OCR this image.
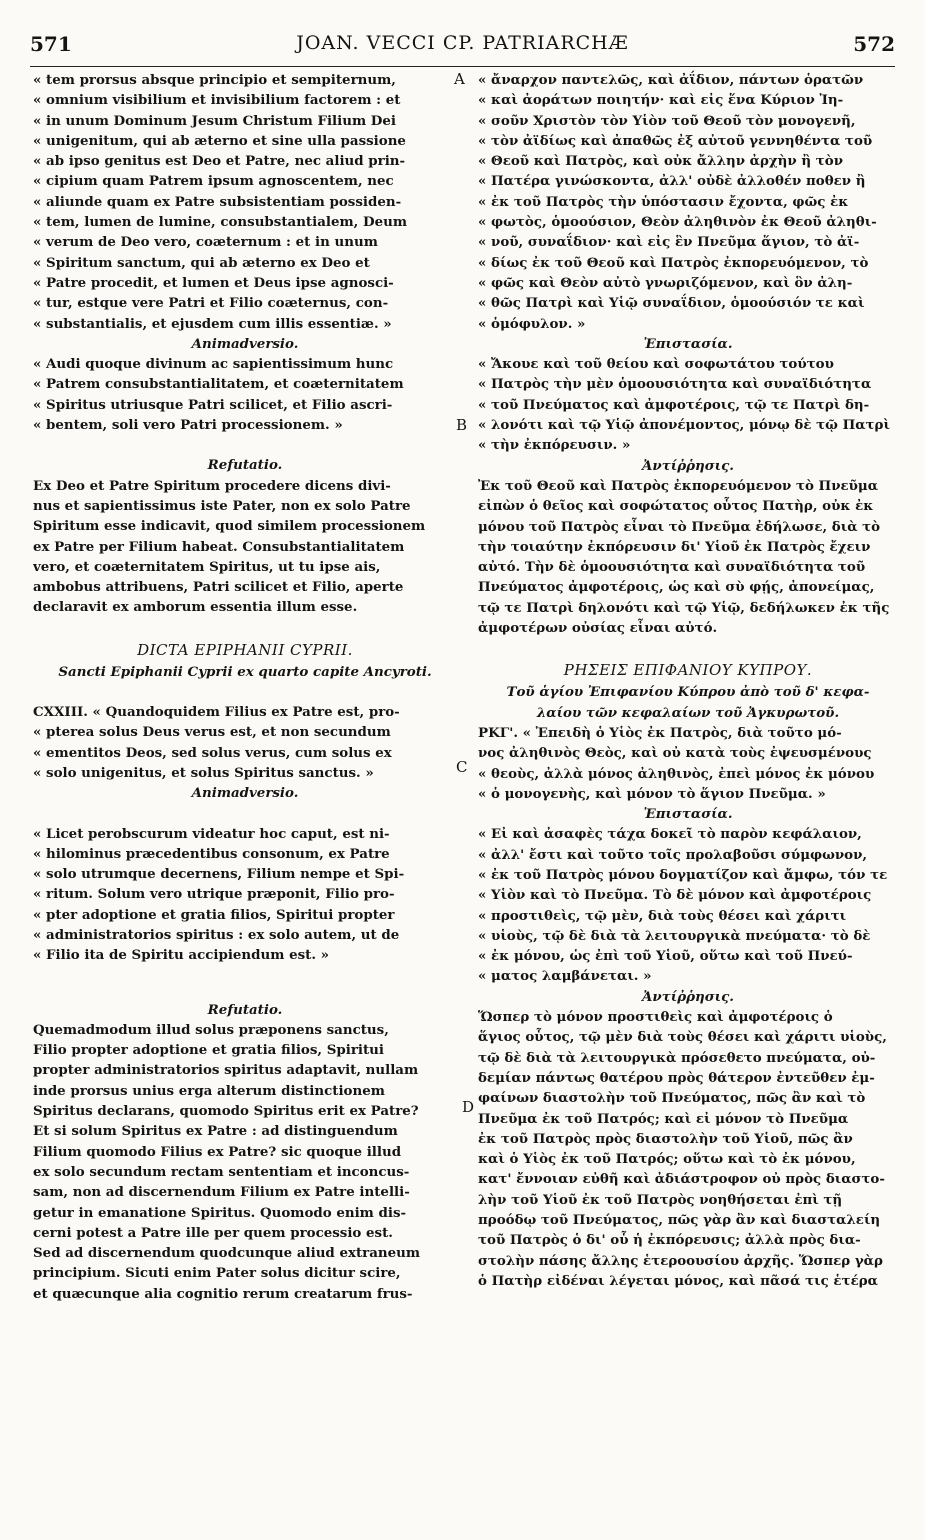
571	JOAN. VECCI CP. PATRIARCHÆ	572
A
B
C
D
« tem prorsus absque principio et sempiternum,
« omnium visibilium et invisibilium factorem : et
« in unum Dominum Jesum Christum Filium Dei
« unigenitum, qui ab æterno et sine ulla passione
« ab ipso genitus est Deo et Patre, nec aliud prin-
« cipium quam Patrem ipsum agnoscentem, nec
« aliunde quam ex Patre subsistentiam possiden-
« tem, lumen de lumine, consubstantialem, Deum
« verum de Deo vero, coæternum : et in unum
« Spiritum sanctum, qui ab æterno ex Deo et
« Patre procedit, et lumen et Deus ipse agnosci-
« tur, estque vere Patri et Filio coæternus, con-
« substantialis, et ejusdem cum illis essentiæ. »
Animadversio.
« Audi quoque divinum ac sapientissimum hunc
« Patrem consubstantialitatem, et coæternitatem
« Spiritus utriusque Patri scilicet, et Filio ascri-
« bentem, soli vero Patri processionem. »
Refutatio.
Ex Deo et Patre Spiritum procedere dicens divi-
nus et sapientissimus iste Pater, non ex solo Patre
Spiritum esse indicavit, quod similem processionem
ex Patre per Filium habeat. Consubstantialitatem
vero, et coæternitatem Spiritus, ut tu ipse ais,
ambobus attribuens, Patri scilicet et Filio, aperte
declaravit ex amborum essentia illum esse.
DICTA EPIPHANII CYPRII.
Sancti Epiphanii Cyprii ex quarto capite Ancyroti.
CXXIII. « Quandoquidem Filius ex Patre est, pro-
« pterea solus Deus verus est, et non secundum
« ementitos Deos, sed solus verus, cum solus ex
« solo unigenitus, et solus Spiritus sanctus. »
Animadversio.
« Licet perobscurum videatur hoc caput, est ni-
« hilominus præcedentibus consonum, ex Patre
« solo utrumque decernens, Filium nempe et Spi-
« ritum. Solum vero utrique præponit, Filio pro-
« pter adoptione et gratia filios, Spiritui propter
« administratorios spiritus : ex solo autem, ut de
« Filio ita de Spiritu accipiendum est. »
Refutatio.
Quemadmodum illud solus præponens sanctus,
Filio propter adoptione et gratia filios, Spiritui
propter administratorios spiritus adaptavit, nullam
inde prorsus unius erga alterum distinctionem
Spiritus declarans, quomodo Spiritus erit ex Patre?
Et si solum Spiritus ex Patre : ad distinguendum
Filium quomodo Filius ex Patre? sic quoque illud
ex solo secundum rectam sententiam et inconcus-
sam, non ad discernendum Filium ex Patre intelli-
getur in emanatione Spiritus. Quomodo enim dis-
cerni potest a Patre ille per quem processio est.
Sed ad discernendum quodcunque aliud extraneum
principium. Sicuti enim Pater solus dicitur scire,
et quæcunque alia cognitio rerum creatarum frus-
« ἄναρχον παντελῶς, καὶ ἀΐδιον, πάντων ὁρατῶν
« καὶ ἀοράτων ποιητήν· καὶ εἰς ἕνα Κύριον Ἰη-
« σοῦν Χριστὸν τὸν Υἱὸν τοῦ Θεοῦ τὸν μονογενῆ,
« τὸν ἀϊδίως καὶ ἀπαθῶς ἐξ αὐτοῦ γεννηθέντα τοῦ
« Θεοῦ καὶ Πατρὸς, καὶ οὐκ ἄλλην ἀρχὴν ἢ τὸν
« Πατέρα γινώσκοντα, ἀλλ' οὐδὲ ἀλλοθέν ποθεν ἢ
« ἐκ τοῦ Πατρὸς τὴν ὑπόστασιν ἔχοντα, φῶς ἐκ
« φωτὸς, ὁμοούσιον, Θεὸν ἀληθινὸν ἐκ Θεοῦ ἀληθι-
« νοῦ, συναΐδιον· καὶ εἰς ἓν Πνεῦμα ἅγιον, τὸ ἀϊ-
« δίως ἐκ τοῦ Θεοῦ καὶ Πατρὸς ἐκπορευόμενον, τὸ
« φῶς καὶ Θεὸν αὐτὸ γνωριζόμενον, καὶ ὃν ἀλη-
« θῶς Πατρὶ καὶ Υἱῷ συναΐδιον, ὁμοούσιόν τε καὶ
« ὁμόφυλον. »
Ἐπιστασία.
« Ἄκουε καὶ τοῦ θείου καὶ σοφωτάτου τούτου
« Πατρὸς τὴν μὲν ὁμοουσιότητα καὶ συναϊδιότητα
« τοῦ Πνεύματος καὶ ἀμφοτέροις, τῷ τε Πατρὶ δη-
« λονότι καὶ τῷ Υἱῷ ἀπονέμοντος, μόνῳ δὲ τῷ Πατρὶ
« τὴν ἐκπόρευσιν. »
Ἀντίῤῥησις.
Ἐκ τοῦ Θεοῦ καὶ Πατρὸς ἐκπορευόμενον τὸ Πνεῦμα
εἰπὼν ὁ θεῖος καὶ σοφώτατος οὗτος Πατὴρ, οὐκ ἐκ
μόνου τοῦ Πατρὸς εἶναι τὸ Πνεῦμα ἐδήλωσε, διὰ τὸ
τὴν τοιαύτην ἐκπόρευσιν δι' Υἱοῦ ἐκ Πατρὸς ἔχειν
αὐτό. Τὴν δὲ ὁμοουσιότητα καὶ συναϊδιότητα τοῦ
Πνεύματος ἀμφοτέροις, ὡς καὶ σὺ φῄς, ἀπονείμας,
τῷ τε Πατρὶ δηλονότι καὶ τῷ Υἱῷ, δεδήλωκεν ἐκ τῆς
ἀμφοτέρων οὐσίας εἶναι αὐτό.
ΡΗΣΕΙΣ ΕΠΙΦΑΝΙΟΥ ΚΥΠΡΟΥ.
Τοῦ ἁγίου Ἐπιφανίου Κύπρου ἀπὸ τοῦ δ' κεφα-
λαίου τῶν κεφαλαίων τοῦ Ἀγκυρωτοῦ.
ΡΚΓ'. « Ἐπειδὴ ὁ Υἱὸς ἐκ Πατρὸς, διὰ τοῦτο μό-
νος ἀληθινὸς Θεὸς, καὶ οὐ κατὰ τοὺς ἐψευσμένους
« θεοὺς, ἀλλὰ μόνος ἀληθινὸς, ἐπεὶ μόνος ἐκ μόνου
« ὁ μονογενὴς, καὶ μόνον τὸ ἅγιον Πνεῦμα. »
Ἐπιστασία.
« Εἰ καὶ ἀσαφὲς τάχα δοκεῖ τὸ παρὸν κεφάλαιον,
« ἀλλ' ἔστι καὶ τοῦτο τοῖς προλαβοῦσι σύμφωνον,
« ἐκ τοῦ Πατρὸς μόνου δογματίζον καὶ ἄμφω, τόν τε
« Υἱὸν καὶ τὸ Πνεῦμα. Τὸ δὲ μόνον καὶ ἀμφοτέροις
« προστιθεὶς, τῷ μὲν, διὰ τοὺς θέσει καὶ χάριτι
« υἱοὺς, τῷ δὲ διὰ τὰ λειτουργικὰ πνεύματα· τὸ δὲ
« ἐκ μόνου, ὡς ἐπὶ τοῦ Υἱοῦ, οὕτω καὶ τοῦ Πνεύ-
« ματος λαμβάνεται. »
Ἀντίῤῥησις.
Ὥσπερ τὸ μόνον προστιθεὶς καὶ ἀμφοτέροις ὁ
ἅγιος οὗτος, τῷ μὲν διὰ τοὺς θέσει καὶ χάριτι υἱοὺς,
τῷ δὲ διὰ τὰ λειτουργικὰ πρόσεθετο πνεύματα, οὐ-
δεμίαν πάντως θατέρου πρὸς θάτερον ἐντεῦθεν ἐμ-
φαίνων διαστολὴν τοῦ Πνεύματος, πῶς ἂν καὶ τὸ
Πνεῦμα ἐκ τοῦ Πατρός; καὶ εἰ μόνον τὸ Πνεῦμα
ἐκ τοῦ Πατρὸς πρὸς διαστολὴν τοῦ Υἱοῦ, πῶς ἂν
καὶ ὁ Υἱὸς ἐκ τοῦ Πατρός; οὕτω καὶ τὸ ἐκ μόνου,
κατ' ἔννοιαν εὐθῆ καὶ ἀδιάστροφον οὐ πρὸς διαστο-
λὴν τοῦ Υἱοῦ ἐκ τοῦ Πατρὸς νοηθήσεται ἐπὶ τῇ
προόδῳ τοῦ Πνεύματος, πῶς γὰρ ἂν καὶ διασταλείη
τοῦ Πατρὸς ὁ δι' οὗ ἡ ἐκπόρευσις; ἀλλὰ πρὸς δια-
στολὴν πάσης ἄλλης ἑτεροουσίου ἀρχῆς. Ὥσπερ γὰρ
ὁ Πατὴρ εἰδέναι λέγεται μόνος, καὶ πᾶσά τις ἑτέρα
